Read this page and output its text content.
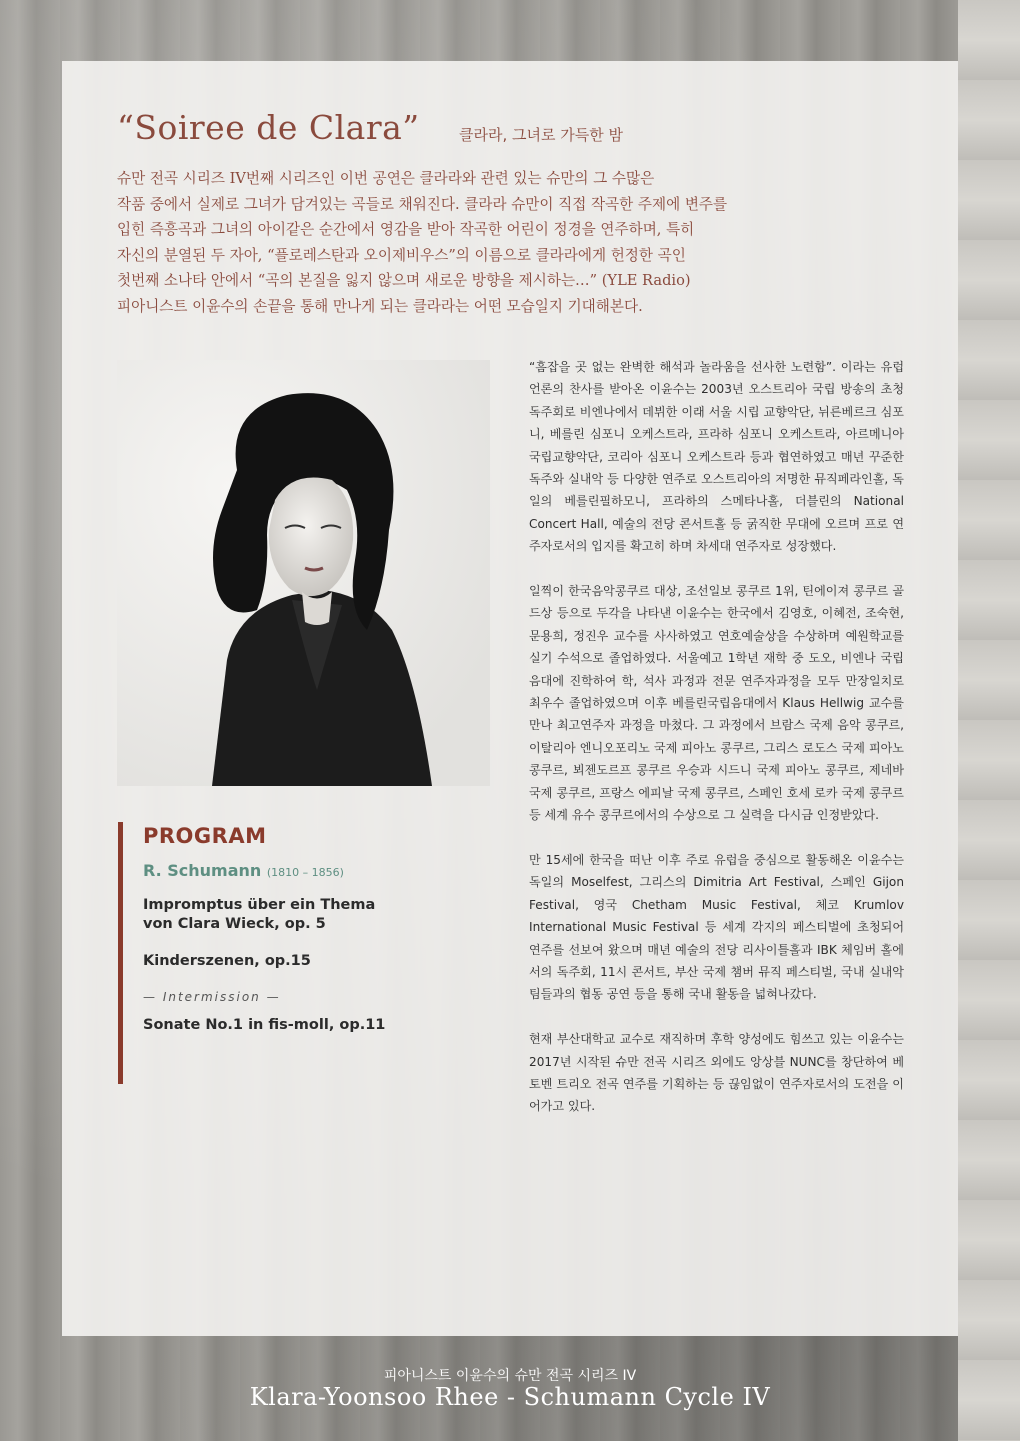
“Soiree de Clara”	클라라, 그녀로 가득한 밤
슈만 전곡 시리즈 IV번째 시리즈인 이번 공연은 클라라와 관련 있는 슈만의 그 수많은
작품 중에서 실제로 그녀가 담겨있는 곡들로 채워진다. 클라라 슈만이 직접 작곡한 주제에 변주를
입힌 즉흥곡과 그녀의 아이같은 순간에서 영감을 받아 작곡한 어린이 정경을 연주하며, 특히
자신의 분열된 두 자아, “플로레스탄과 오이제비우스”의 이름으로 클라라에게 헌정한 곡인
첫번째 소나타 안에서 “곡의 본질을 잃지 않으며 새로운 방향을 제시하는…” (YLE Radio)
피아니스트 이윤수의 손끝을 통해 만나게 되는 클라라는 어떤 모습일지 기대해본다.
PROGRAM
R. Schumann (1810 – 1856)
Impromptus über ein Thema
von Clara Wieck, op. 5
Kinderszenen, op.15
— Intermission —
Sonate No.1 in fis-moll, op.11

“흠잡을 곳 없는 완벽한 해석과 놀라움을 선사한 노련함”. 이라는 유럽 언론의 찬사를 받아온 이윤수는 2003년 오스트리아 국립 방송의 초청 독주회로 비엔나에서 데뷔한 이래 서울 시립 교향악단, 뉘른베르크 심포니, 베를린 심포니 오케스트라, 프라하 심포니 오케스트라, 아르메니아 국립교향악단, 코리아 심포니 오케스트라 등과 협연하였고 매년 꾸준한 독주와 실내악 등 다양한 연주로 오스트리아의 저명한 뮤직페라인홀, 독일의 베를린필하모니, 프라하의 스메타나홀, 더블린의 National Concert Hall, 예술의 전당 콘서트홀 등 굵직한 무대에 오르며 프로 연주자로서의 입지를 확고히 하며 차세대 연주자로 성장했다.

일찍이 한국음악콩쿠르 대상, 조선일보 콩쿠르 1위, 틴에이져 콩쿠르 골드상 등으로 두각을 나타낸 이윤수는 한국에서 김영호, 이혜전, 조숙현, 문용희, 정진우 교수를 사사하였고 연호예술상을 수상하며 예원학교를 실기 수석으로 졸업하였다. 서울예고 1학년 재학 중 도오, 비엔나 국립음대에 진학하여 학, 석사 과정과 전문 연주자과정을 모두 만장일치로 최우수 졸업하였으며 이후 베를린국립음대에서 Klaus Hellwig 교수를 만나 최고연주자 과정을 마쳤다. 그 과정에서 브람스 국제 음악 콩쿠르, 이탈리아 엔니오포리노 국제 피아노 콩쿠르, 그리스 로도스 국제 피아노 콩쿠르, 뵈젠도르프 콩쿠르 우승과 시드니 국제 피아노 콩쿠르, 제네바 국제 콩쿠르, 프랑스 에피날 국제 콩쿠르, 스페인 호세 로카 국제 콩쿠르 등 세계 유수 콩쿠르에서의 수상으로 그 실력을 다시금 인정받았다.

만 15세에 한국을 떠난 이후 주로 유럽을 중심으로 활동해온 이윤수는 독일의 Moselfest, 그리스의 Dimitria Art Festival, 스페인 Gijon Festival, 영국 Chetham Music Festival, 체코 Krumlov International Music Festival 등 세계 각지의 페스티벌에 초청되어 연주를 선보여 왔으며 매년 예술의 전당 리사이틀홀과 IBK 체임버 홀에서의 독주회, 11시 콘서트, 부산 국제 챔버 뮤직 페스티벌, 국내 실내악 팀들과의 협동 공연 등을 통해 국내 활동을 넓혀나갔다.

현재 부산대학교 교수로 재직하며 후학 양성에도 힘쓰고 있는 이윤수는 2017년 시작된 슈만 전곡 시리즈 외에도 앙상블 NUNC를 창단하여 베토벤 트리오 전곡 연주를 기획하는 등 끊임없이 연주자로서의 도전을 이어가고 있다.

피아니스트 이윤수의 슈만 전곡 시리즈 IV
Klara-Yoonsoo Rhee - Schumann Cycle IV
